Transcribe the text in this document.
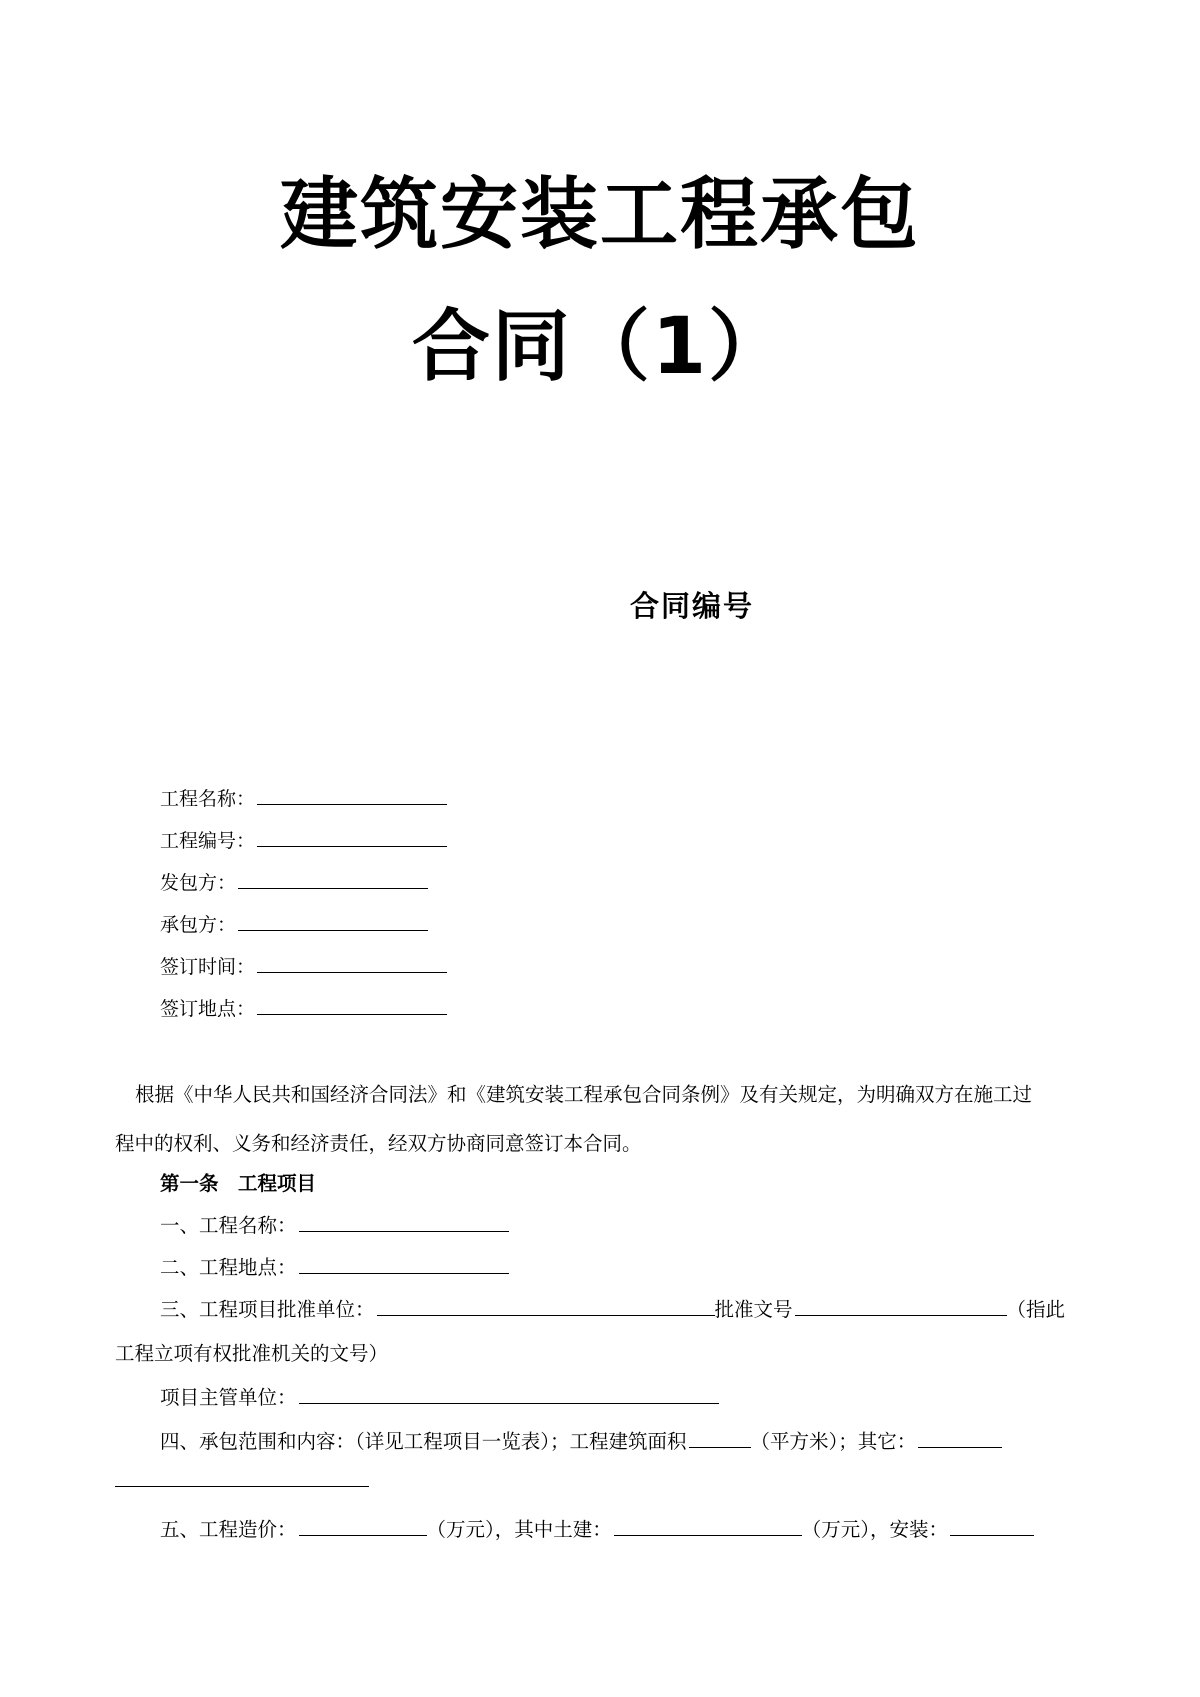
建筑安装工程承包
合同（1）
合同编号
工程名称：
工程编号：
发包方：
承包方：
签订时间：
签订地点：
根据《中华人民共和国经济合同法》和《建筑安装工程承包合同条例》及有关规定，为明确双方在施工过
程中的权利、义务和经济责任，经双方协商同意签订本合同。
第一条　工程项目
一、工程名称：
二、工程地点：
三、工程项目批准单位：	批准文号	（指此
工程立项有权批准机关的文号）
项目主管单位：
四、承包范围和内容：（详见工程项目一览表）；工程建筑面积	（平方米）；其它：
五、工程造价：	（万元），其中土建：	（万元），安装：
